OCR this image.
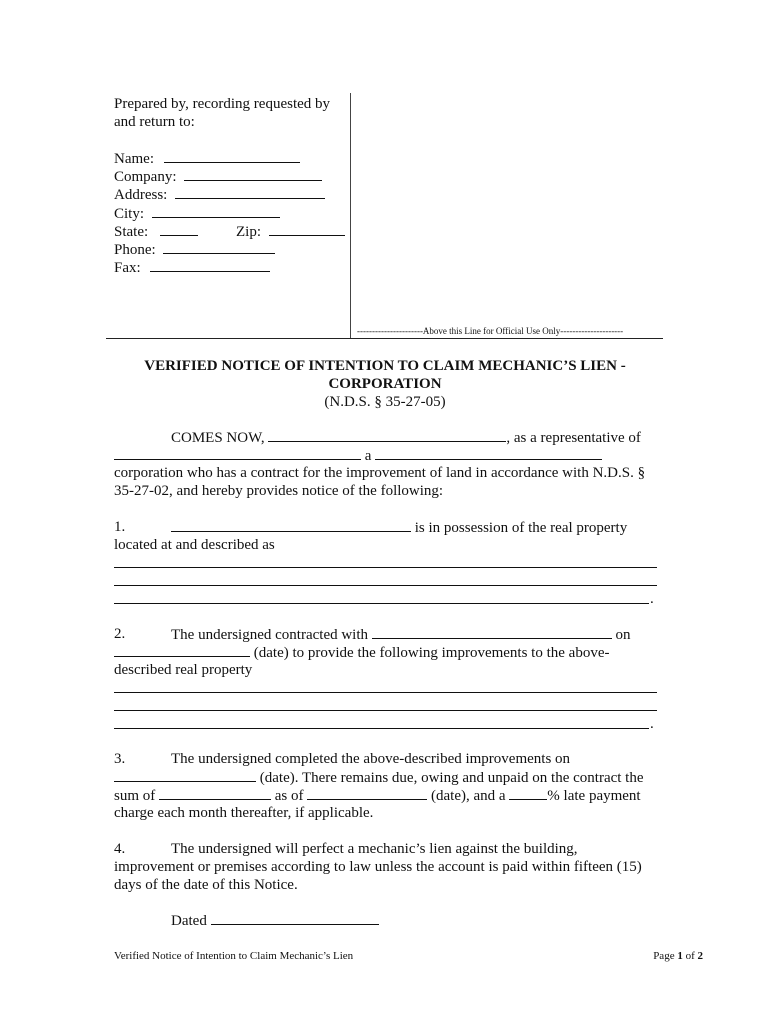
Prepared by, recording requested by
and return to:
Name:
Company:
Address:
City:
State:	Zip:
Phone:
Fax:
----------------------Above this Line for Official Use Only---------------------
VERIFIED NOTICE OF INTENTION TO CLAIM MECHANIC’S LIEN -
CORPORATION
(N.D.S. § 35-27-05)
COMES NOW,	, as a representative of
a
corporation who has a contract for the improvement of land in accordance with N.D.S. §
35-27-02, and hereby provides notice of the following:
1.	is in possession of the real property
located at and described as
.
2.	The undersigned contracted with	on
(date) to provide the following improvements to the above-
described real property
.
3.	The undersigned completed the above-described improvements on
(date). There remains due, owing and unpaid on the contract the
sum of	as of	(date), and a	% late payment
charge each month thereafter, if applicable.
4.	The undersigned will perfect a mechanic’s lien against the building,
improvement or premises according to law unless the account is paid within fifteen (15)
days of the date of this Notice.
Dated
Verified Notice of Intention to Claim Mechanic’s Lien	Page 1 of 2
